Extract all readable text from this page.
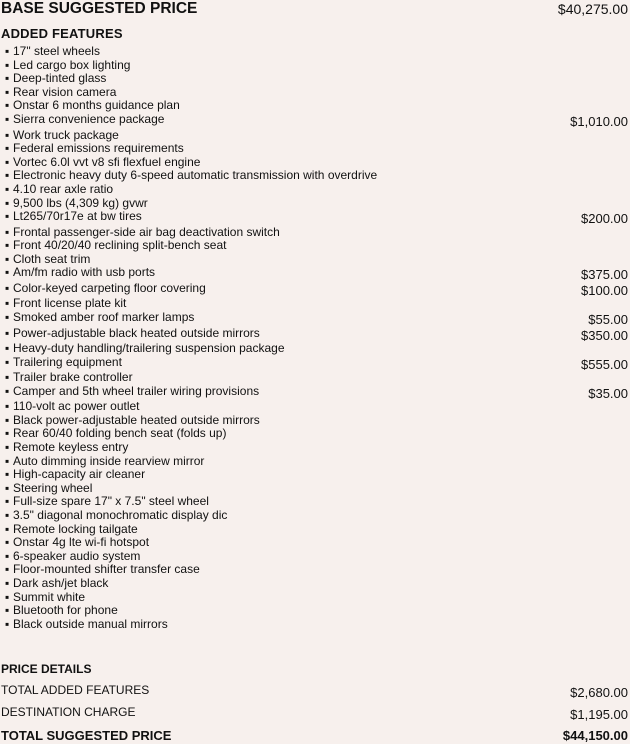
BASE SUGGESTED PRICE	$40,275.00
ADDED FEATURES
▪ 17" steel wheels
▪ Led cargo box lighting
▪ Deep-tinted glass
▪ Rear vision camera
▪ Onstar 6 months guidance plan
▪ Sierra convenience package	$1,010.00
▪ Work truck package
▪ Federal emissions requirements
▪ Vortec 6.0l vvt v8 sfi flexfuel engine
▪ Electronic heavy duty 6-speed automatic transmission with overdrive
▪ 4.10 rear axle ratio
▪ 9,500 lbs (4,309 kg) gvwr
▪ Lt265/70r17e at bw tires	$200.00
▪ Frontal passenger-side air bag deactivation switch
▪ Front 40/20/40 reclining split-bench seat
▪ Cloth seat trim
▪ Am/fm radio with usb ports	$375.00
▪ Color-keyed carpeting floor covering	$100.00
▪ Front license plate kit
▪ Smoked amber roof marker lamps	$55.00
▪ Power-adjustable black heated outside mirrors	$350.00
▪ Heavy-duty handling/trailering suspension package
▪ Trailering equipment	$555.00
▪ Trailer brake controller
▪ Camper and 5th wheel trailer wiring provisions	$35.00
▪ 110-volt ac power outlet
▪ Black power-adjustable heated outside mirrors
▪ Rear 60/40 folding bench seat (folds up)
▪ Remote keyless entry
▪ Auto dimming inside rearview mirror
▪ High-capacity air cleaner
▪ Steering wheel
▪ Full-size spare 17" x 7.5" steel wheel
▪ 3.5" diagonal monochromatic display dic
▪ Remote locking tailgate
▪ Onstar 4g lte wi-fi hotspot
▪ 6-speaker audio system
▪ Floor-mounted shifter transfer case
▪ Dark ash/jet black
▪ Summit white
▪ Bluetooth for phone
▪ Black outside manual mirrors
PRICE DETAILS
TOTAL ADDED FEATURES	$2,680.00
DESTINATION CHARGE	$1,195.00
TOTAL SUGGESTED PRICE	$44,150.00
